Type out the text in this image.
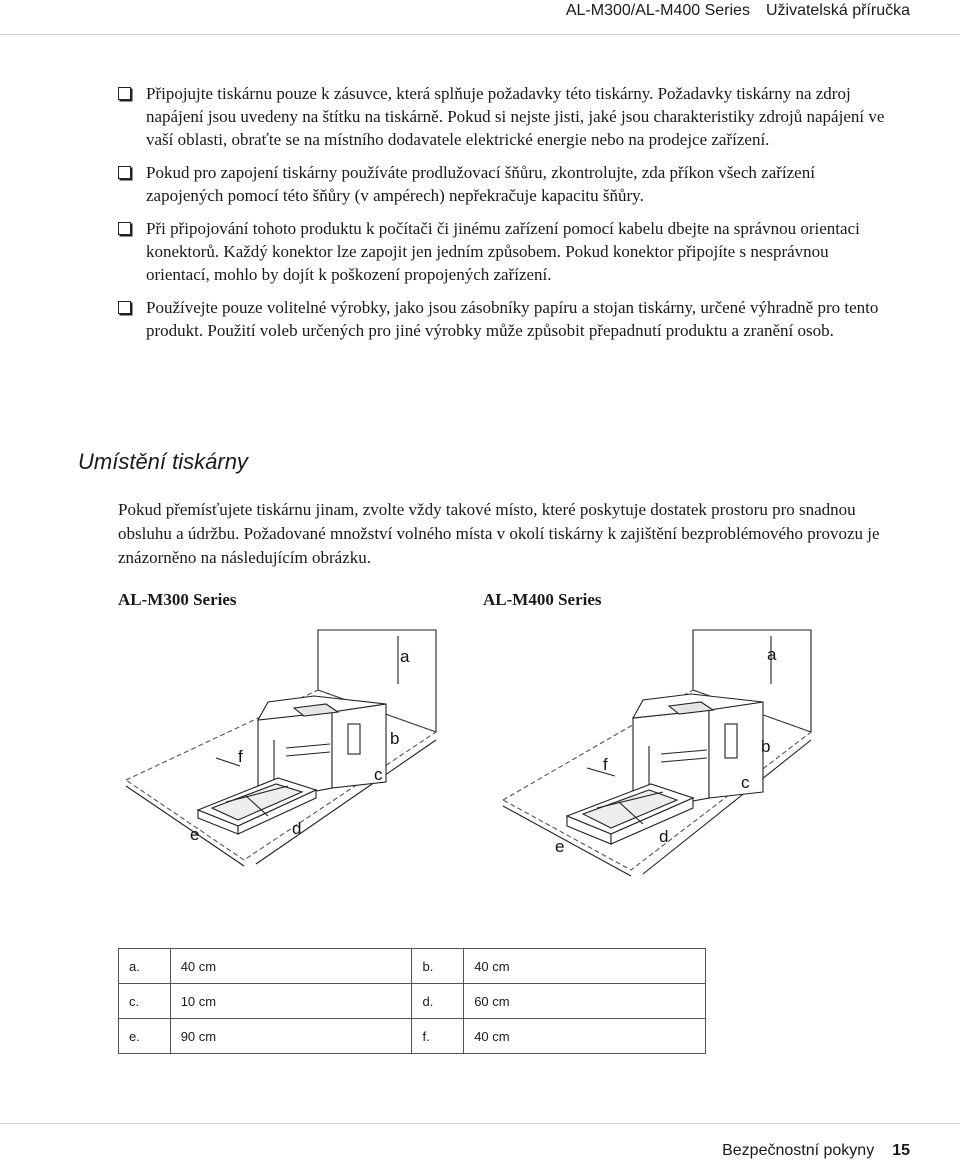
AL-M300/AL-M400 Series Uživatelská příručka
Připojujte tiskárnu pouze k zásuvce, která splňuje požadavky této tiskárny. Požadavky tiskárny na zdroj napájení jsou uvedeny na štítku na tiskárně. Pokud si nejste jisti, jaké jsou charakteristiky zdrojů napájení ve vaší oblasti, obraťte se na místního dodavatele elektrické energie nebo na prodejce zařízení.
Pokud pro zapojení tiskárny používáte prodlužovací šňůru, zkontrolujte, zda příkon všech zařízení zapojených pomocí této šňůry (v ampérech) nepřekračuje kapacitu šňůry.
Při připojování tohoto produktu k počítači či jinému zařízení pomocí kabelu dbejte na správnou orientaci konektorů. Každý konektor lze zapojit jen jedním způsobem. Pokud konektor připojíte s nesprávnou orientací, mohlo by dojít k poškození propojených zařízení.
Používejte pouze volitelné výrobky, jako jsou zásobníky papíru a stojan tiskárny, určené výhradně pro tento produkt. Použití voleb určených pro jiné výrobky může způsobit přepadnutí produktu a zranění osob.
Umístění tiskárny

Pokud přemísťujete tiskárnu jinam, zvolte vždy takové místo, které poskytuje dostatek prostoru pro snadnou obsluhu a údržbu. Požadované množství volného místa v okolí tiskárny k zajištění bezproblémového provozu je znázorněno na následujícím obrázku.

AL-M300 Series	AL-M400 Series
a
b
c
d
e
f
a
b
c
d
e
f
a.	40 cm	b.	40 cm
c.	10 cm	d.	60 cm
e.	90 cm	f.	40 cm
Bezpečnostní pokyny 15
